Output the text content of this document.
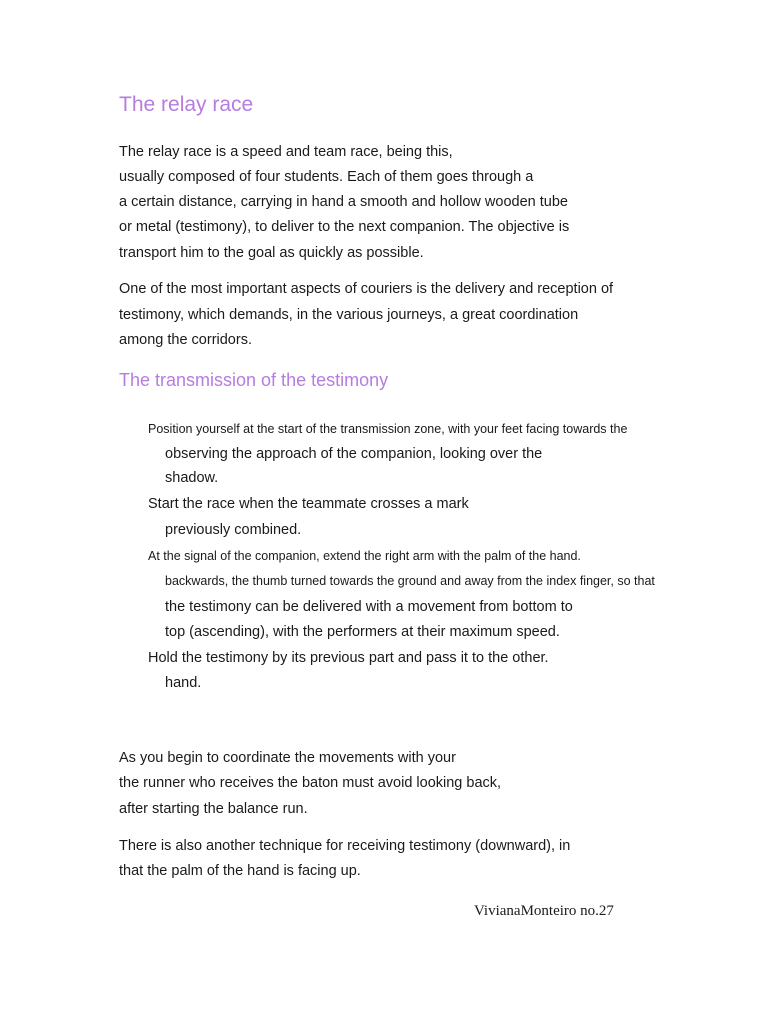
The relay race
The relay race is a speed and team race, being this,
usually composed of four students. Each of them goes through a
a certain distance, carrying in hand a smooth and hollow wooden tube
or metal (testimony), to deliver to the next companion. The objective is
transport him to the goal as quickly as possible.
One of the most important aspects of couriers is the delivery and reception of
testimony, which demands, in the various journeys, a great coordination
among the corridors.
The transmission of the testimony
Position yourself at the start of the transmission zone, with your feet facing towards the
observing the approach of the companion, looking over the
shadow.
Start the race when the teammate crosses a mark
previously combined.
At the signal of the companion, extend the right arm with the palm of the hand.
backwards, the thumb turned towards the ground and away from the index finger, so that
the testimony can be delivered with a movement from bottom to
top (ascending), with the performers at their maximum speed.
Hold the testimony by its previous part and pass it to the other.
hand.
As you begin to coordinate the movements with your
the runner who receives the baton must avoid looking back,
after starting the balance run.
There is also another technique for receiving testimony (downward), in
that the palm of the hand is facing up.
VivianaMonteiro no.27
